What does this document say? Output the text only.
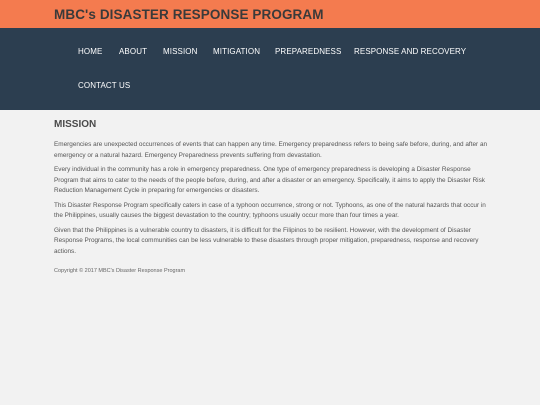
MBC's DISASTER RESPONSE PROGRAM
HOME ABOUT MISSION MITIGATION PREPAREDNESS RESPONSE AND RECOVERY
CONTACT US
MISSION

Emergencies are unexpected occurrences of events that can happen any time. Emergency preparedness refers to being safe before, during, and after an emergency or a natural hazard. Emergency Preparedness prevents suffering from devastation.

Every individual in the community has a role in emergency preparedness. One type of emergency preparedness is developing a Disaster Response Program that aims to cater to the needs of the people before, during, and after a disaster or an emergency. Specifically, it aims to apply the Disaster Risk Reduction Management Cycle in preparing for emergencies or disasters.

This Disaster Response Program specifically caters in case of a typhoon occurrence, strong or not. Typhoons, as one of the natural hazards that occur in the Philippines, usually causes the biggest devastation to the country; typhoons usually occur more than four times a year.

Given that the Philippines is a vulnerable country to disasters, it is difficult for the Filipinos to be resilient. However, with the development of Disaster Response Programs, the local communities can be less vulnerable to these disasters through proper mitigation, preparedness, response and recovery actions.

Copyright © 2017 MBC's Disaster Response Program
